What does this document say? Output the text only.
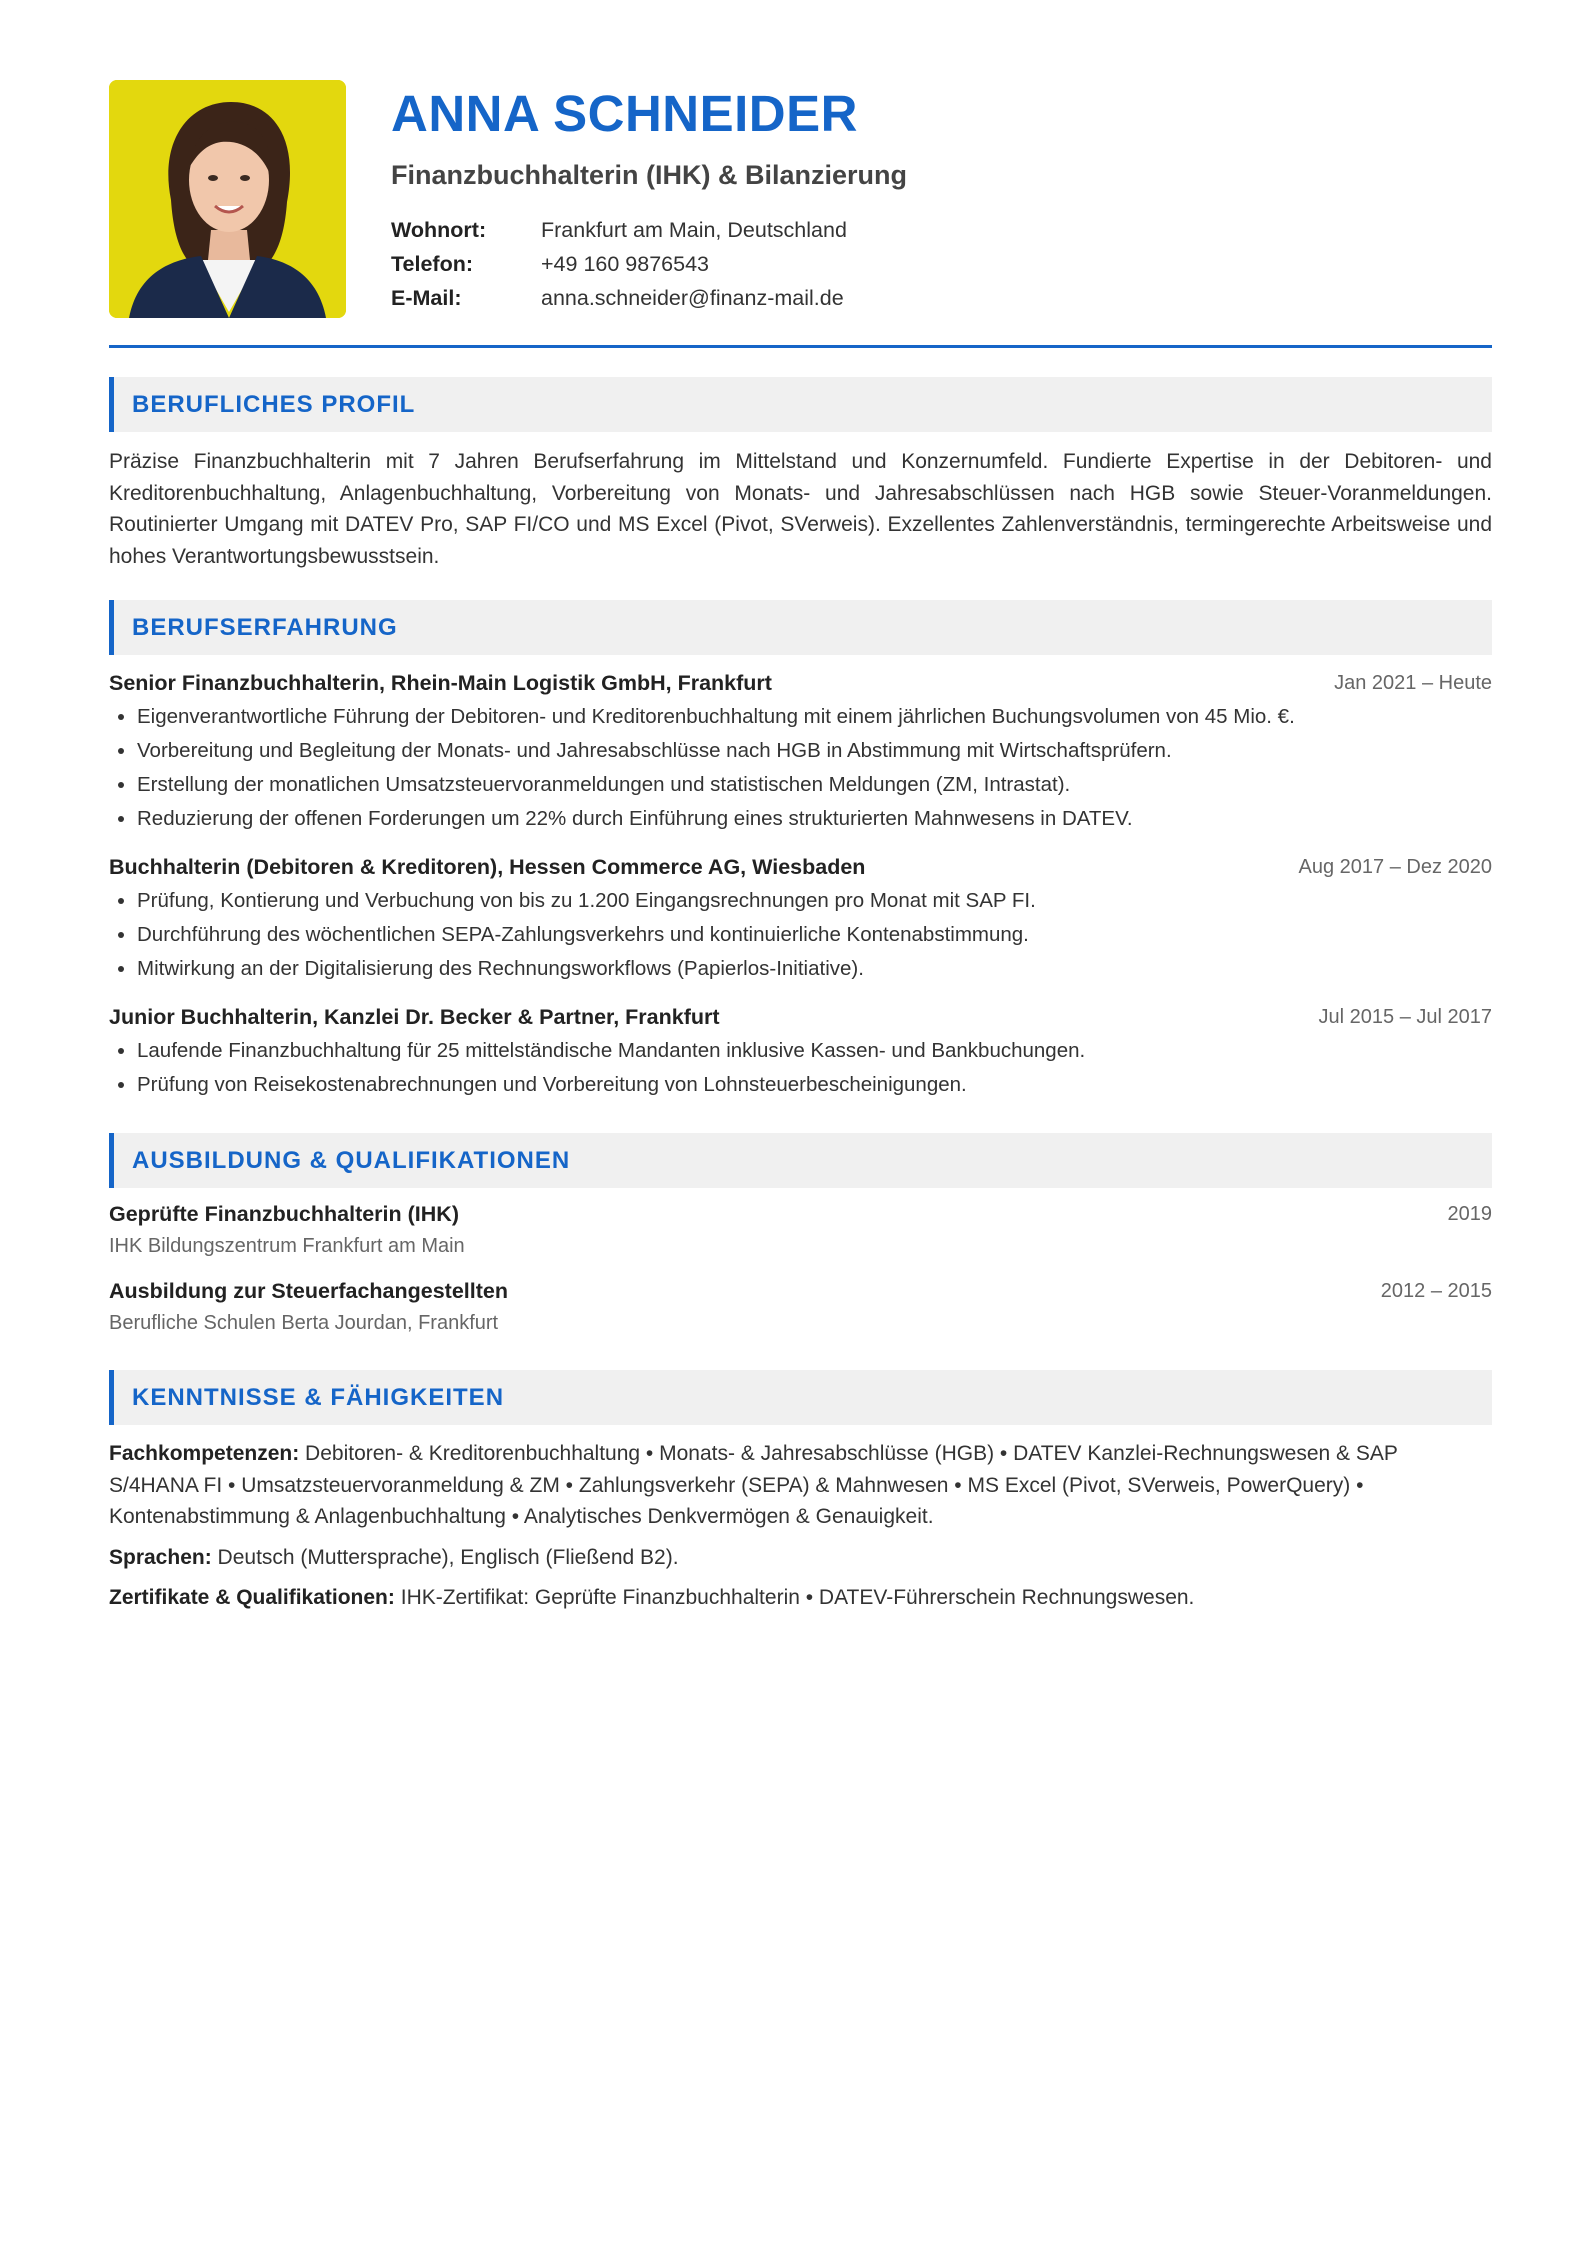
ANNA SCHNEIDER
Finanzbuchhalterin (IHK) & Bilanzierung
Wohnort:	Frankfurt am Main, Deutschland
Telefon:	+49 160 9876543
E-Mail:	anna.schneider@finanz-mail.de
BERUFLICHES PROFIL

Präzise Finanzbuchhalterin mit 7 Jahren Berufserfahrung im Mittelstand und Konzernumfeld. Fundierte Expertise in der Debitoren- und Kreditorenbuchhaltung, Anlagenbuchhaltung, Vorbereitung von Monats- und Jahresabschlüssen nach HGB sowie Steuer-Voranmeldungen. Routinierter Umgang mit DATEV Pro, SAP FI/CO und MS Excel (Pivot, SVerweis). Exzellentes Zahlenverständnis, termingerechte Arbeitsweise und hohes Verantwortungsbewusstsein.

BERUFSERFAHRUNG
Senior Finanzbuchhalterin, Rhein-Main Logistik GmbH, Frankfurt	Jan 2021 – Heute
• Eigenverantwortliche Führung der Debitoren- und Kreditorenbuchhaltung mit einem jährlichen Buchungsvolumen von 45 Mio. €.
• Vorbereitung und Begleitung der Monats- und Jahresabschlüsse nach HGB in Abstimmung mit Wirtschaftsprüfern.
• Erstellung der monatlichen Umsatzsteuervoranmeldungen und statistischen Meldungen (ZM, Intrastat).
• Reduzierung der offenen Forderungen um 22% durch Einführung eines strukturierten Mahnwesens in DATEV.
Buchhalterin (Debitoren & Kreditoren), Hessen Commerce AG, Wiesbaden	Aug 2017 – Dez 2020
• Prüfung, Kontierung und Verbuchung von bis zu 1.200 Eingangsrechnungen pro Monat mit SAP FI.
• Durchführung des wöchentlichen SEPA-Zahlungsverkehrs und kontinuierliche Kontenabstimmung.
• Mitwirkung an der Digitalisierung des Rechnungsworkflows (Papierlos-Initiative).
Junior Buchhalterin, Kanzlei Dr. Becker & Partner, Frankfurt	Jul 2015 – Jul 2017
• Laufende Finanzbuchhaltung für 25 mittelständische Mandanten inklusive Kassen- und Bankbuchungen.
• Prüfung von Reisekostenabrechnungen und Vorbereitung von Lohnsteuerbescheinigungen.
AUSBILDUNG & QUALIFIKATIONEN
Geprüfte Finanzbuchhalterin (IHK)	2019
IHK Bildungszentrum Frankfurt am Main
Ausbildung zur Steuerfachangestellten	2012 – 2015
Berufliche Schulen Berta Jourdan, Frankfurt
KENNTNISSE & FÄHIGKEITEN

Fachkompetenzen: Debitoren- & Kreditorenbuchhaltung • Monats- & Jahresabschlüsse (HGB) • DATEV Kanzlei-Rechnungswesen & SAP S/4HANA FI • Umsatzsteuervoranmeldung & ZM • Zahlungsverkehr (SEPA) & Mahnwesen • MS Excel (Pivot, SVerweis, PowerQuery) • Kontenabstimmung & Anlagenbuchhaltung • Analytisches Denkvermögen & Genauigkeit.

Sprachen: Deutsch (Muttersprache), Englisch (Fließend B2).

Zertifikate & Qualifikationen: IHK-Zertifikat: Geprüfte Finanzbuchhalterin • DATEV-Führerschein Rechnungswesen.
